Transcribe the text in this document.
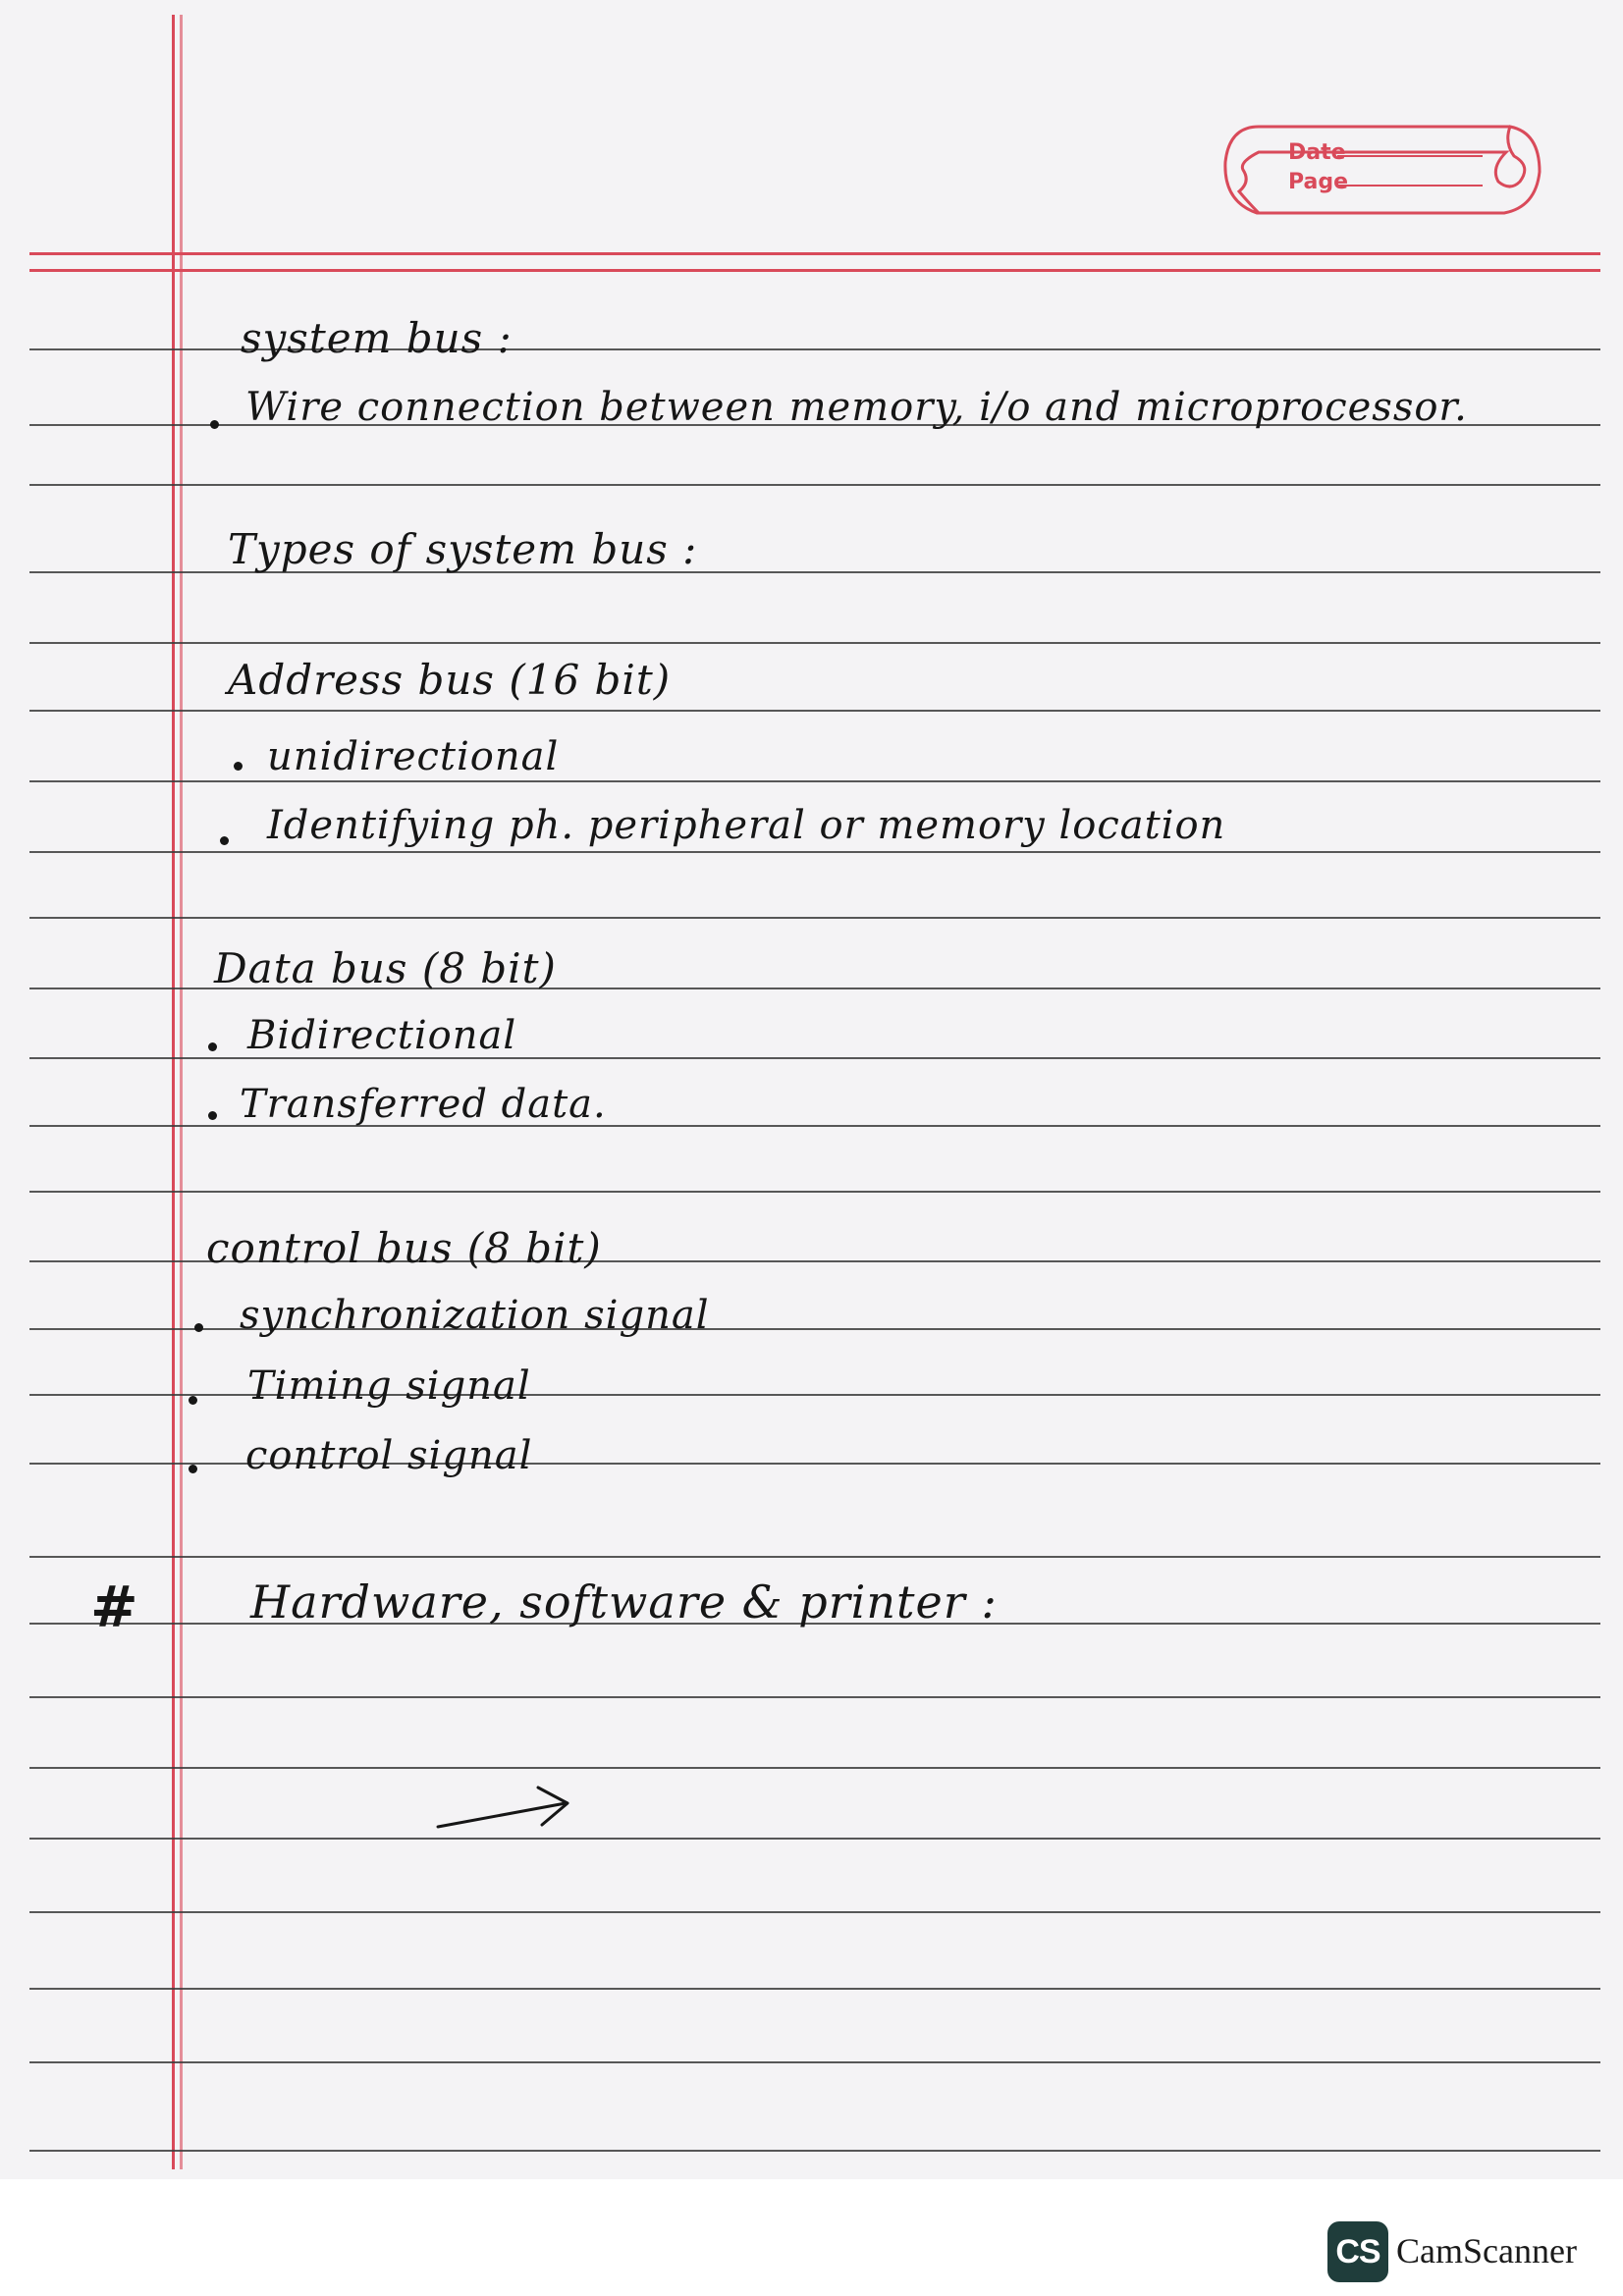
Date
Page
system bus :
Wire connection between memory, i/o and microprocessor.
Types of system bus :
Address bus (16 bit)
unidirectional
Identifying ph. peripheral or memory location
Data bus (8 bit)
Bidirectional
Transferred data.
control bus (8 bit)
synchronization signal
Timing signal
control signal
# Hardware, software & printer :
CS CamScanner
